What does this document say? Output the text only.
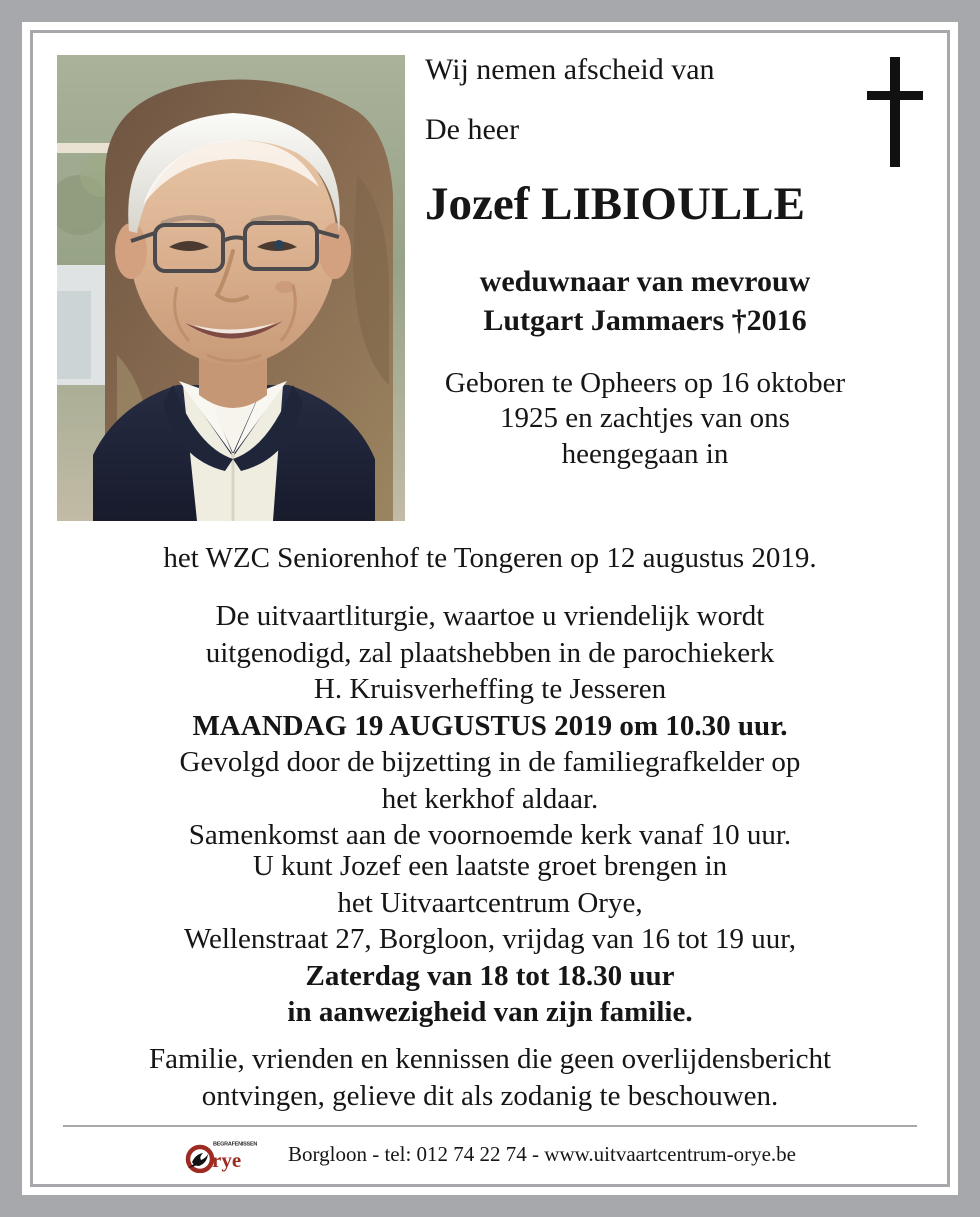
Wij nemen afscheid van
De heer
Jozef LIBIOULLE
weduwnaar van mevrouw
Lutgart Jammaers †2016
Geboren te Opheers op 16 oktober
1925 en zachtjes van ons
heengegaan in
het WZC Seniorenhof te Tongeren op 12 augustus 2019.
De uitvaartliturgie, waartoe u vriendelijk wordt
uitgenodigd, zal plaatshebben in de parochiekerk
H. Kruisverheffing te Jesseren
MAANDAG 19 AUGUSTUS 2019 om 10.30 uur.
Gevolgd door de bijzetting in de familiegrafkelder op
het kerkhof aldaar.
Samenkomst aan de voornoemde kerk vanaf 10 uur.
U kunt Jozef een laatste groet brengen in
het Uitvaartcentrum Orye,
Wellenstraat 27, Borgloon, vrijdag van 16 tot 19 uur,
Zaterdag van 18 tot 18.30 uur
in aanwezigheid van zijn familie.
Familie, vrienden en kennissen die geen overlijdensbericht
ontvingen, gelieve dit als zodanig te beschouwen.
BEGRAFENISSEN
rye Borgloon - tel: 012 74 22 74 - www.uitvaartcentrum-orye.be
